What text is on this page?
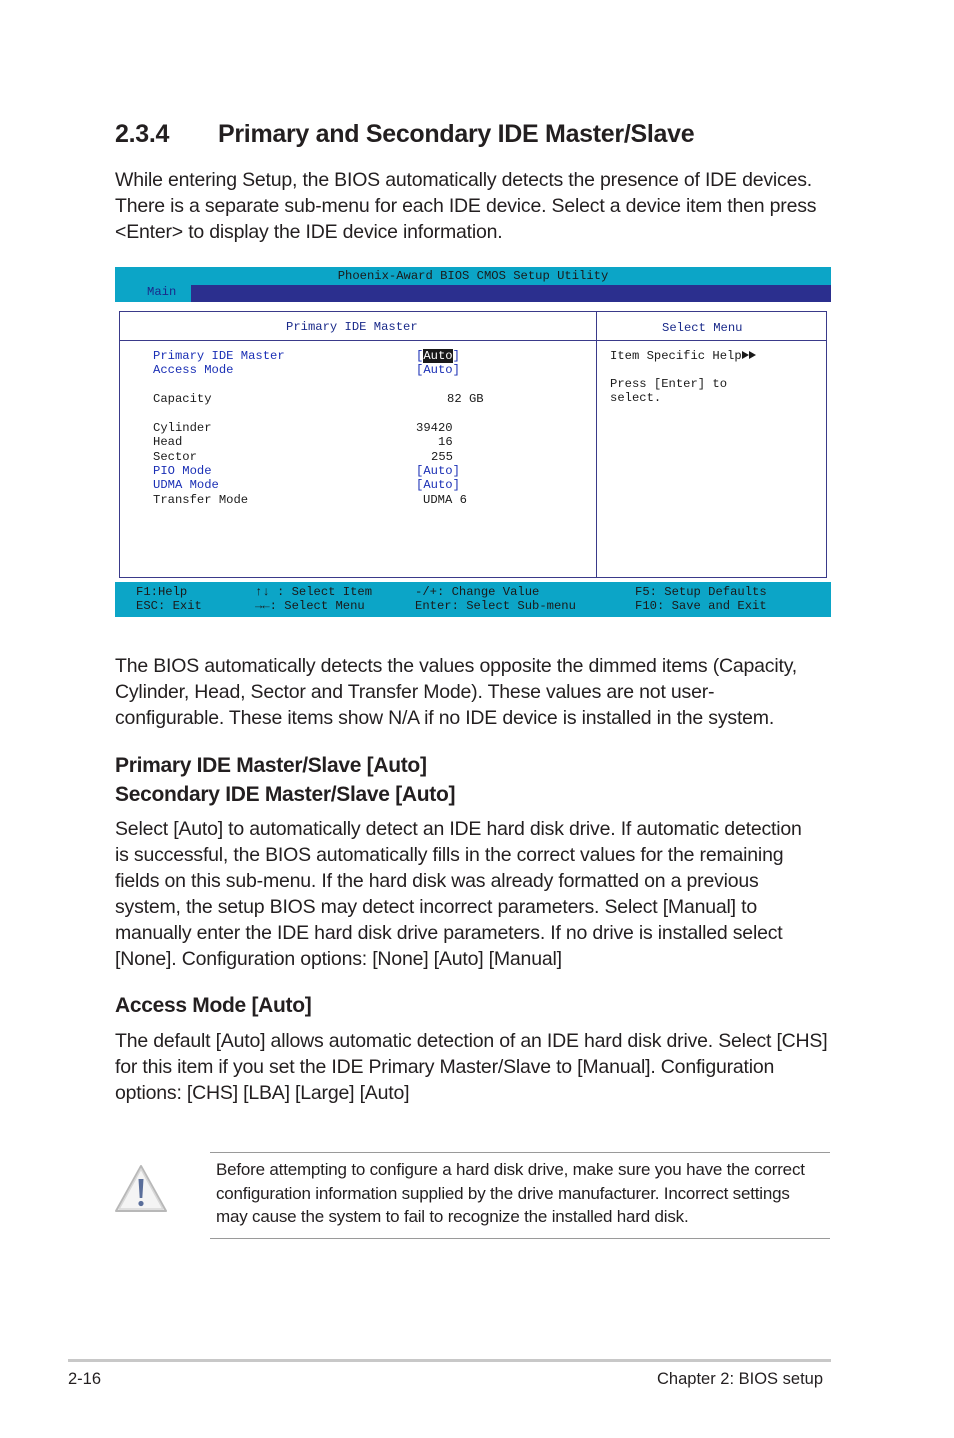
2.3.4 Primary and Secondary IDE Master/Slave
While entering Setup, the BIOS automatically detects the presence of IDE devices.
There is a separate sub-menu for each IDE device. Select a device item then press
<Enter> to display the IDE device information.
Phoenix-Award BIOS CMOS Setup Utility
Main
Primary IDE Master	Select Menu
Primary IDE Master
Access Mode
Capacity
Cylinder
Head
Sector
PIO Mode
UDMA Mode
Transfer Mode
[Auto]
[Auto]
82 GB
39420
16
255
[Auto]
[Auto]
UDMA 6
Item Specific Help
Press [Enter] to
select.
F1:Help
ESC: Exit
↑↓ : Select Item
→←: Select Menu
-/+: Change Value
Enter: Select Sub-menu
F5: Setup Defaults
F10: Save and Exit
The BIOS automatically detects the values opposite the dimmed items (Capacity,
Cylinder, Head, Sector and Transfer Mode). These values are not user-
configurable. These items show N/A if no IDE device is installed in the system.
Primary IDE Master/Slave [Auto]
Secondary IDE Master/Slave [Auto]
Select [Auto] to automatically detect an IDE hard disk drive. If automatic detection
is successful, the BIOS automatically fills in the correct values for the remaining
fields on this sub-menu. If the hard disk was already formatted on a previous
system, the setup BIOS may detect incorrect parameters. Select [Manual] to
manually enter the IDE hard disk drive parameters. If no drive is installed select
[None]. Configuration options: [None] [Auto] [Manual]
Access Mode [Auto]
The default [Auto] allows automatic detection of an IDE hard disk drive. Select [CHS]
for this item if you set the IDE Primary Master/Slave to [Manual]. Configuration
options: [CHS] [LBA] [Large] [Auto]
Before attempting to configure a hard disk drive, make sure you have the correct
configuration information supplied by the drive manufacturer. Incorrect settings
may cause the system to fail to recognize the installed hard disk.
2-16	Chapter 2: BIOS setup
